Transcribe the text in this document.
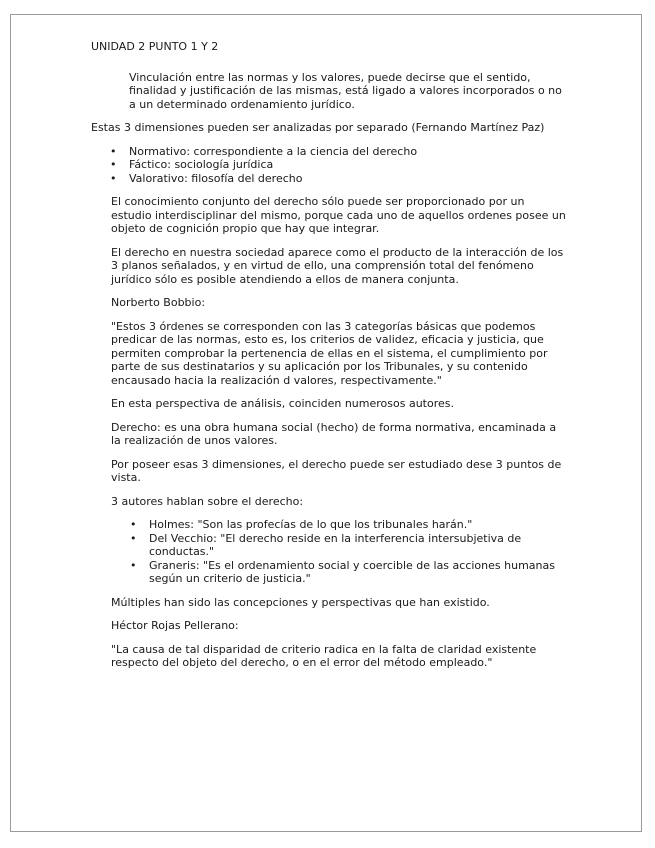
UNIDAD 2 PUNTO 1 Y 2

Vinculación entre las normas y los valores, puede decirse que el sentido, finalidad y justificación de las mismas, está ligado a valores incorporados o no a un determinado ordenamiento jurídico.

Estas 3 dimensiones pueden ser analizadas por separado (Fernando Martínez Paz)

• Normativo: correspondiente a la ciencia del derecho
• Fáctico: sociología jurídica
• Valorativo: filosofía del derecho

El conocimiento conjunto del derecho sólo puede ser proporcionado por un estudio interdisciplinar del mismo, porque cada uno de aquellos ordenes posee un objeto de cognición propio que hay que integrar.

El derecho en nuestra sociedad aparece como el producto de la interacción de los 3 planos señalados, y en virtud de ello, una comprensión total del fenómeno jurídico sólo es posible atendiendo a ellos de manera conjunta.

Norberto Bobbio:

"Estos 3 órdenes se corresponden con las 3 categorías básicas que podemos predicar de las normas, esto es, los criterios de validez, eficacia y justicia, que permiten comprobar la pertenencia de ellas en el sistema, el cumplimiento por parte de sus destinatarios y su aplicación por los Tribunales, y su contenido encausado hacia la realización d valores, respectivamente."

En esta perspectiva de análisis, coinciden numerosos autores.

Derecho: es una obra humana social (hecho) de forma normativa, encaminada a la realización de unos valores.

Por poseer esas 3 dimensiones, el derecho puede ser estudiado dese 3 puntos de vista.

3 autores hablan sobre el derecho:

• Holmes: "Son las profecías de lo que los tribunales harán."
• Del Vecchio: "El derecho reside en la interferencia intersubjetiva de conductas."
• Graneris: "Es el ordenamiento social y coercible de las acciones humanas según un criterio de justicia."

Múltiples han sido las concepciones y perspectivas que han existido.

Héctor Rojas Pellerano:

"La causa de tal disparidad de criterio radica en la falta de claridad existente respecto del objeto del derecho, o en el error del método empleado."
